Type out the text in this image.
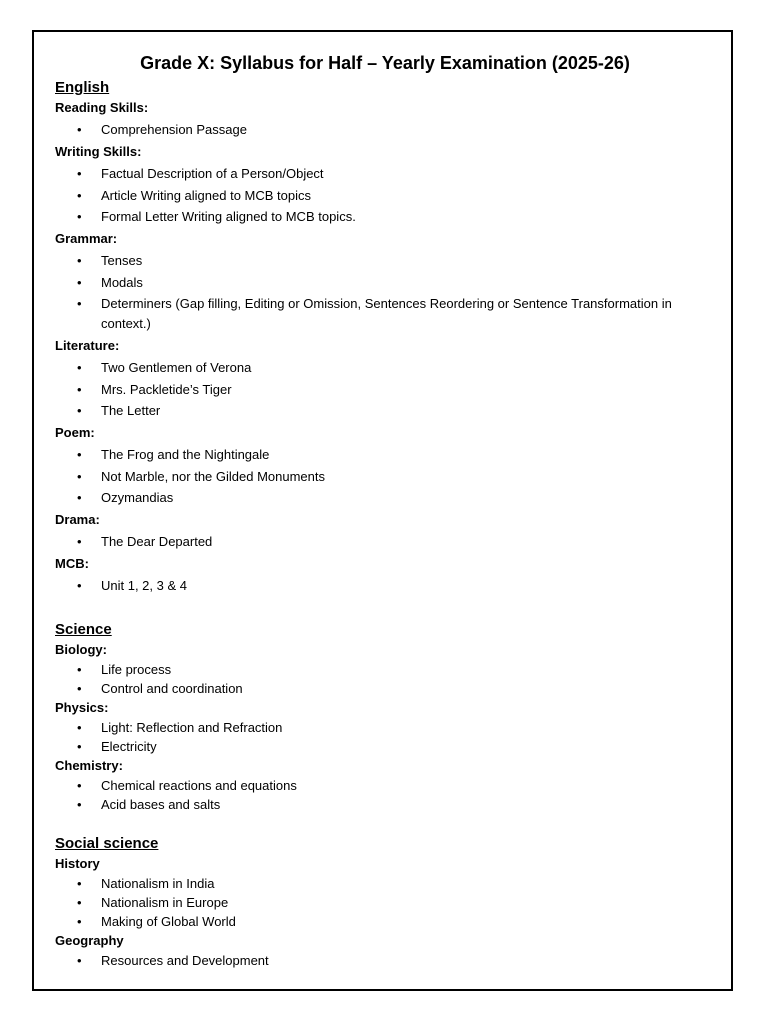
Grade X: Syllabus for Half – Yearly Examination (2025-26)
English
Reading Skills:
• Comprehension Passage
Writing Skills:
• Factual Description of a Person/Object
• Article Writing aligned to MCB topics
• Formal Letter Writing aligned to MCB topics.
Grammar:
• Tenses
• Modals
• Determiners (Gap filling, Editing or Omission, Sentences Reordering or Sentence Transformation in context.)
Literature:
• Two Gentlemen of Verona
• Mrs. Packletide’s Tiger
• The Letter
Poem:
• The Frog and the Nightingale
• Not Marble, nor the Gilded Monuments
• Ozymandias
Drama:
• The Dear Departed
MCB:
• Unit 1, 2, 3 & 4
Science
Biology:
• Life process
• Control and coordination
Physics:
• Light: Reflection and Refraction
• Electricity
Chemistry:
• Chemical reactions and equations
• Acid bases and salts
Social science
History
• Nationalism in India
• Nationalism in Europe
• Making of Global World
Geography
• Resources and Development
